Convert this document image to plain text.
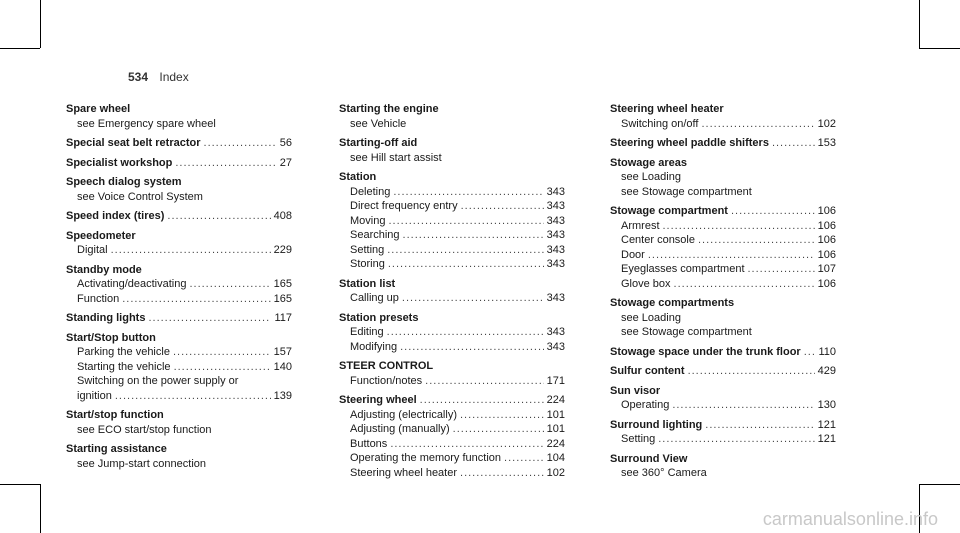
534 Index
Spare wheel
see Emergency spare wheel
Special seat belt retractor .....	56
Specialist workshop .....	27
Speech dialog system
see Voice Control System
Speed index (tires) .....	408
Speedometer
Digital .....	229
Standby mode
Activating/deactivating .....	165
Function .....	165
Standing lights .....	117
Start/Stop button
Parking the vehicle .....	157
Starting the vehicle .....	140
Switching on the power supply or
ignition .....	139
Start/stop function
see ECO start/stop function
Starting assistance
see Jump-start connection
Starting the engine
see Vehicle
Starting-off aid
see Hill start assist
Station
Deleting .....	343
Direct frequency entry .....	343
Moving .....	343
Searching .....	343
Setting .....	343
Storing .....	343
Station list
Calling up .....	343
Station presets
Editing .....	343
Modifying .....	343
STEER CONTROL
Function/notes .....	171
Steering wheel .....	224
Adjusting (electrically) .....	101
Adjusting (manually) .....	101
Buttons .....	224
Operating the memory function .....	104
Steering wheel heater .....	102
Steering wheel heater
Switching on/off .....	102
Steering wheel paddle shifters .....	153
Stowage areas
see Loading
see Stowage compartment
Stowage compartment .....	106
Armrest .....	106
Center console .....	106
Door .....	106
Eyeglasses compartment .....	107
Glove box .....	106
Stowage compartments
see Loading
see Stowage compartment
Stowage space under the trunk floor ..... 110
Sulfur content .....	429
Sun visor
Operating .....	130
Surround lighting .....	121
Setting .....	121
Surround View
see 360° Camera
carmanualsonline.info
